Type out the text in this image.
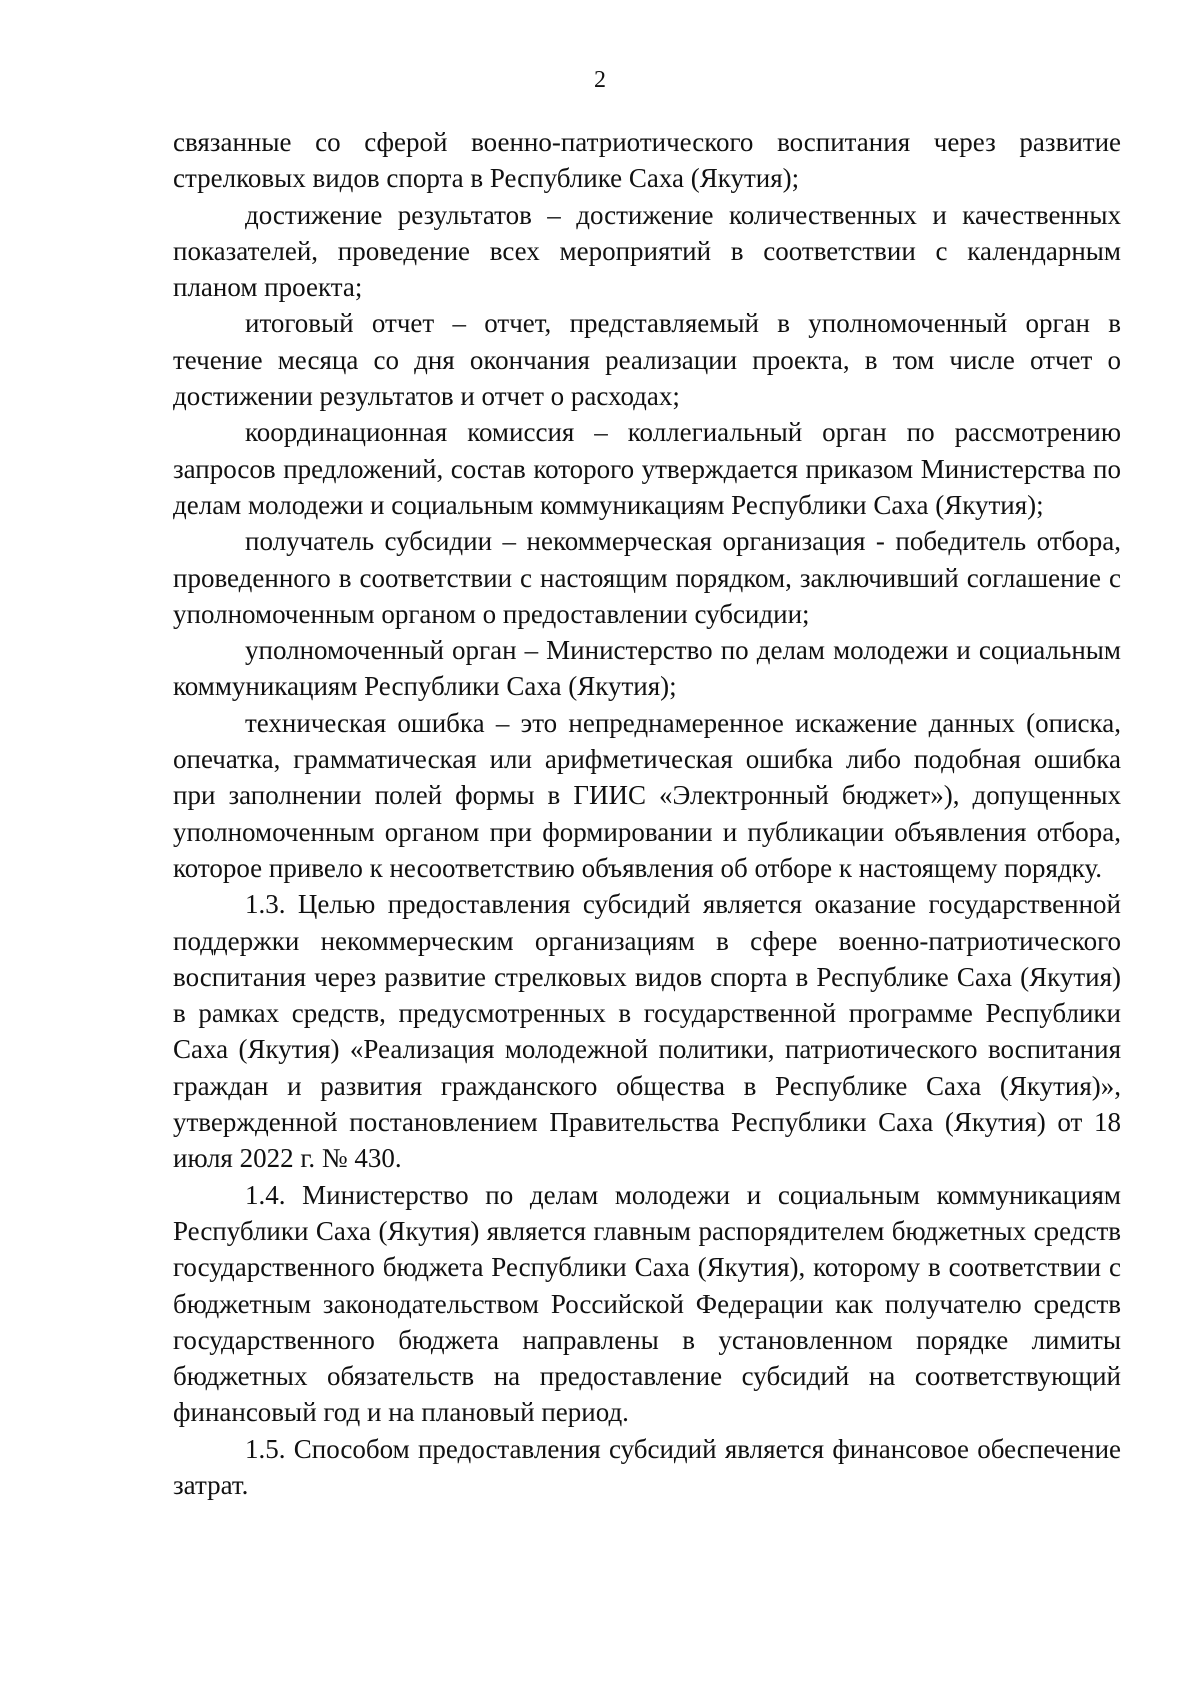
2

связанные со сферой военно-патриотического воспитания через развитие стрелковых видов спорта в Республике Саха (Якутия);

достижение результатов – достижение количественных и качественных показателей, проведение всех мероприятий в соответствии с календарным планом проекта;

итоговый отчет – отчет, представляемый в уполномоченный орган в течение месяца со дня окончания реализации проекта, в том числе отчет о достижении результатов и отчет о расходах;

координационная комиссия – коллегиальный орган по рассмотрению запросов предложений, состав которого утверждается приказом Министерства по делам молодежи и социальным коммуникациям Республики Саха (Якутия);

получатель субсидии – некоммерческая организация - победитель отбора, проведенного в соответствии с настоящим порядком, заключивший соглашение с уполномоченным органом о предоставлении субсидии;

уполномоченный орган – Министерство по делам молодежи и социальным коммуникациям Республики Саха (Якутия);

техническая ошибка – это непреднамеренное искажение данных (описка, опечатка, грамматическая или арифметическая ошибка либо подобная ошибка при заполнении полей формы в ГИИС «Электронный бюджет»), допущенных уполномоченным органом при формировании и публикации объявления отбора, которое привело к несоответствию объявления об отборе к настоящему порядку.

1.3. Целью предоставления субсидий является оказание государственной поддержки некоммерческим организациям в сфере военно-патриотического воспитания через развитие стрелковых видов спорта в Республике Саха (Якутия) в рамках средств, предусмотренных в государственной программе Республики Саха (Якутия) «Реализация молодежной политики, патриотического воспитания граждан и развития гражданского общества в Республике Саха (Якутия)», утвержденной постановлением Правительства Республики Саха (Якутия) от 18 июля 2022 г. № 430.

1.4. Министерство по делам молодежи и социальным коммуникациям Республики Саха (Якутия) является главным распорядителем бюджетных средств государственного бюджета Республики Саха (Якутия), которому в соответствии с бюджетным законодательством Российской Федерации как получателю средств государственного бюджета направлены в установленном порядке лимиты бюджетных обязательств на предоставление субсидий на соответствующий финансовый год и на плановый период.

1.5. Способом предоставления субсидий является финансовое обеспечение затрат.
